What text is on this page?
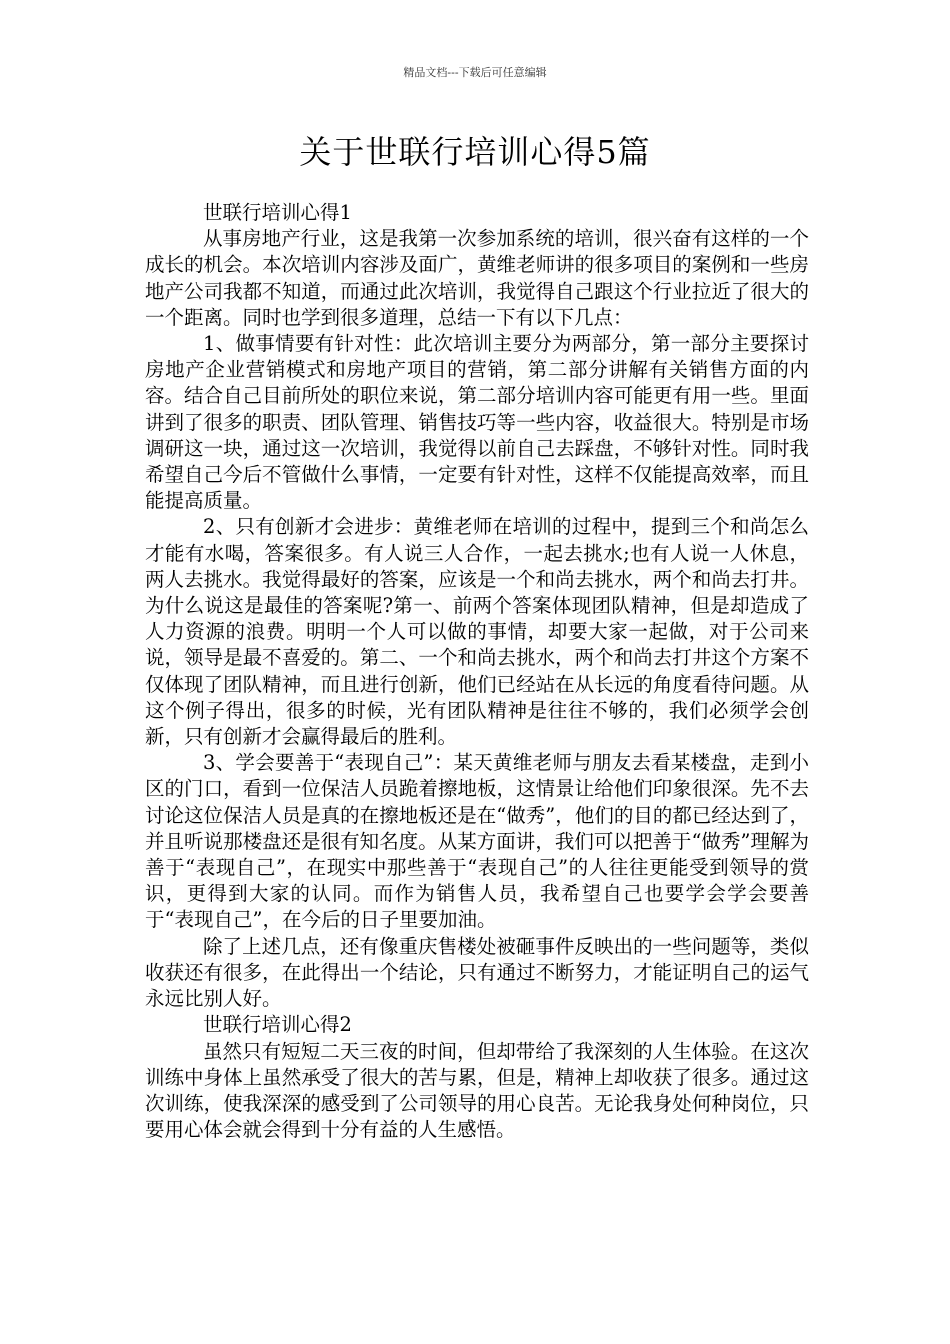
精品文档---下载后可任意编辑
关于世联行培训心得5篇

世联行培训心得1

从事房地产行业，这是我第一次参加系统的培训，很兴奋有这样的一个成长的机会。本次培训内容涉及面广，黄维老师讲的很多项目的案例和一些房地产公司我都不知道，而通过此次培训，我觉得自己跟这个行业拉近了很大的一个距离。同时也学到很多道理，总结一下有以下几点：

1、做事情要有针对性：此次培训主要分为两部分，第一部分主要探讨房地产企业营销模式和房地产项目的营销，第二部分讲解有关销售方面的内容。结合自己目前所处的职位来说，第二部分培训内容可能更有用一些。里面讲到了很多的职责、团队管理、销售技巧等一些内容，收益很大。特别是市场调研这一块，通过这一次培训，我觉得以前自己去踩盘，不够针对性。同时我希望自己今后不管做什么事情，一定要有针对性，这样不仅能提高效率，而且能提高质量。

2、只有创新才会进步：黄维老师在培训的过程中，提到三个和尚怎么才能有水喝，答案很多。有人说三人合作，一起去挑水;也有人说一人休息，两人去挑水。我觉得最好的答案，应该是一个和尚去挑水，两个和尚去打井。为什么说这是最佳的答案呢?第一、前两个答案体现团队精神，但是却造成了人力资源的浪费。明明一个人可以做的事情，却要大家一起做，对于公司来说，领导是最不喜爱的。第二、一个和尚去挑水，两个和尚去打井这个方案不仅体现了团队精神，而且进行创新，他们已经站在从长远的角度看待问题。从这个例子得出，很多的时候，光有团队精神是往往不够的，我们必须学会创新，只有创新才会赢得最后的胜利。

3、学会要善于“表现自己”：某天黄维老师与朋友去看某楼盘，走到小区的门口，看到一位保洁人员跪着擦地板，这情景让给他们印象很深。先不去讨论这位保洁人员是真的在擦地板还是在“做秀”，他们的目的都已经达到了，并且听说那楼盘还是很有知名度。从某方面讲，我们可以把善于“做秀”理解为善于“表现自己”，在现实中那些善于“表现自己”的人往往更能受到领导的赏识，更得到大家的认同。而作为销售人员，我希望自己也要学会学会要善于“表现自己”，在今后的日子里要加油。

除了上述几点，还有像重庆售楼处被砸事件反映出的一些问题等，类似收获还有很多，在此得出一个结论，只有通过不断努力，才能证明自己的运气永远比别人好。

世联行培训心得2

虽然只有短短二天三夜的时间，但却带给了我深刻的人生体验。在这次训练中身体上虽然承受了很大的苦与累，但是，精神上却收获了很多。通过这次训练，使我深深的感受到了公司领导的用心良苦。无论我身处何种岗位，只要用心体会就会得到十分有益的人生感悟。
